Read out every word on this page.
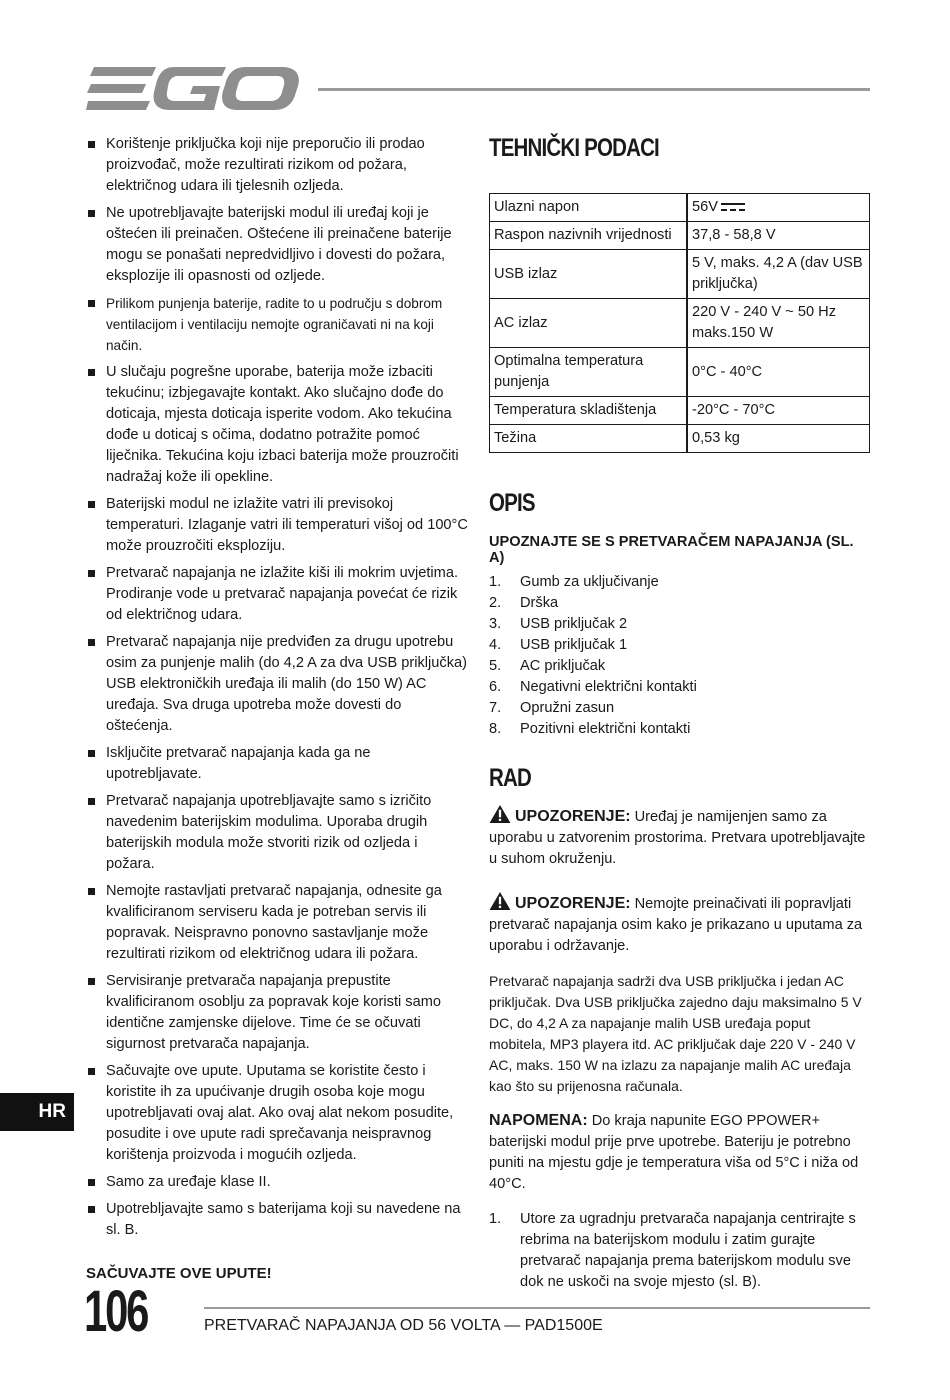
Korištenje priključka koji nije preporučio ili prodao proizvođač, može rezultirati rizikom od požara, električnog udara ili tjelesnih ozljeda.
Ne upotrebljavajte baterijski modul ili uređaj koji je oštećen ili preinačen. Oštećene ili preinačene baterije mogu se ponašati nepredvidljivo i dovesti do požara, eksplozije ili opasnosti od ozljede.
Prilikom punjenja baterije, radite to u području s dobrom ventilacijom i ventilaciju nemojte ograničavati ni na koji način.
U slučaju pogrešne uporabe, baterija može izbaciti tekućinu; izbjegavajte kontakt. Ako slučajno dođe do doticaja, mjesta doticaja isperite vodom. Ako tekućina dođe u doticaj s očima, dodatno potražite pomoć liječnika. Tekućina koju izbaci baterija može prouzročiti nadražaj kože ili opekline.
Baterijski modul ne izlažite vatri ili previsokoj temperaturi. Izlaganje vatri ili temperaturi višoj od 100°C može prouzročiti eksploziju.
Pretvarač napajanja ne izlažite kiši ili mokrim uvjetima. Prodiranje vode u pretvarač napajanja povećat će rizik od električnog udara.
Pretvarač napajanja nije predviđen za drugu upotrebu osim za punjenje malih (do 4,2 A za dva USB priključka) USB elektroničkih uređaja ili malih (do 150 W) AC uređaja. Sva druga upotreba može dovesti do oštećenja.
Isključite pretvarač napajanja kada ga ne upotrebljavate.
Pretvarač napajanja upotrebljavajte samo s izričito navedenim baterijskim modulima. Uporaba drugih baterijskih modula može stvoriti rizik od ozljeda i požara.
Nemojte rastavljati pretvarač napajanja, odnesite ga kvalificiranom serviseru kada je potreban servis ili popravak. Neispravno ponovno sastavljanje može rezultirati rizikom od električnog udara ili požara.
Servisiranje pretvarača napajanja prepustite kvalificiranom osoblju za popravak koje koristi samo identične zamjenske dijelove. Time će se očuvati sigurnost pretvarača napajanja.
Sačuvajte ove upute. Uputama se koristite često i koristite ih za upućivanje drugih osoba koje mogu upotrebljavati ovaj alat. Ako ovaj alat nekom posudite, posudite i ove upute radi sprečavanja neispravnog korištenja proizvoda i mogućih ozljeda.
Samo za uređaje klase II.
Upotrebljavajte samo s baterijama koji su navedene na sl. B.
SAČUVAJTE OVE UPUTE!
TEHNIČKI PODACI
Ulazni napon	56V
Raspon nazivnih vrijednosti	37,8 - 58,8 V
USB izlaz	5 V, maks. 4,2 A (dav USB priključka)
AC izlaz	220 V - 240 V ~ 50 Hz maks.150 W
Optimalna temperatura punjenja	0°C - 40°C
Temperatura skladištenja	-20°C - 70°C
Težina	0,53 kg
OPIS
UPOZNAJTE SE S PRETVARAČEM NAPAJANJA (SL. A)
1. Gumb za uključivanje
2. Drška
3. USB priključak 2
4. USB priključak 1
5. AC priključak
6. Negativni električni kontakti
7. Opružni zasun
8. Pozitivni električni kontakti
RAD

UPOZORENJE: Uređaj je namijenjen samo za uporabu u zatvorenim prostorima. Pretvara upotrebljavajte u suhom okruženju.

UPOZORENJE: Nemojte preinačivati ili popravljati pretvarač napajanja osim kako je prikazano u uputama za uporabu i održavanje.

Pretvarač napajanja sadrži dva USB priključka i jedan AC priključak. Dva USB priključka zajedno daju maksimalno 5 V DC, do 4,2 A za napajanje malih USB uređaja poput mobitela, MP3 playera itd. AC priključak daje 220 V - 240 V AC, maks. 150 W na izlazu za napajanje malih AC uređaja kao što su prijenosna računala.

NAPOMENA: Do kraja napunite EGO PPOWER+ baterijski modul prije prve upotrebe. Bateriju je potrebno puniti na mjestu gdje je temperatura viša od 5°C i niža od 40°C.

1. Utore za ugradnju pretvarača napajanja centrirajte s rebrima na baterijskom modulu i zatim gurajte pretvarač napajanja prema baterijskom modulu sve dok ne uskoči na svoje mjesto (sl. B).
HR
106	PRETVARAČ NAPAJANJA OD 56 VOLTA — PAD1500E
